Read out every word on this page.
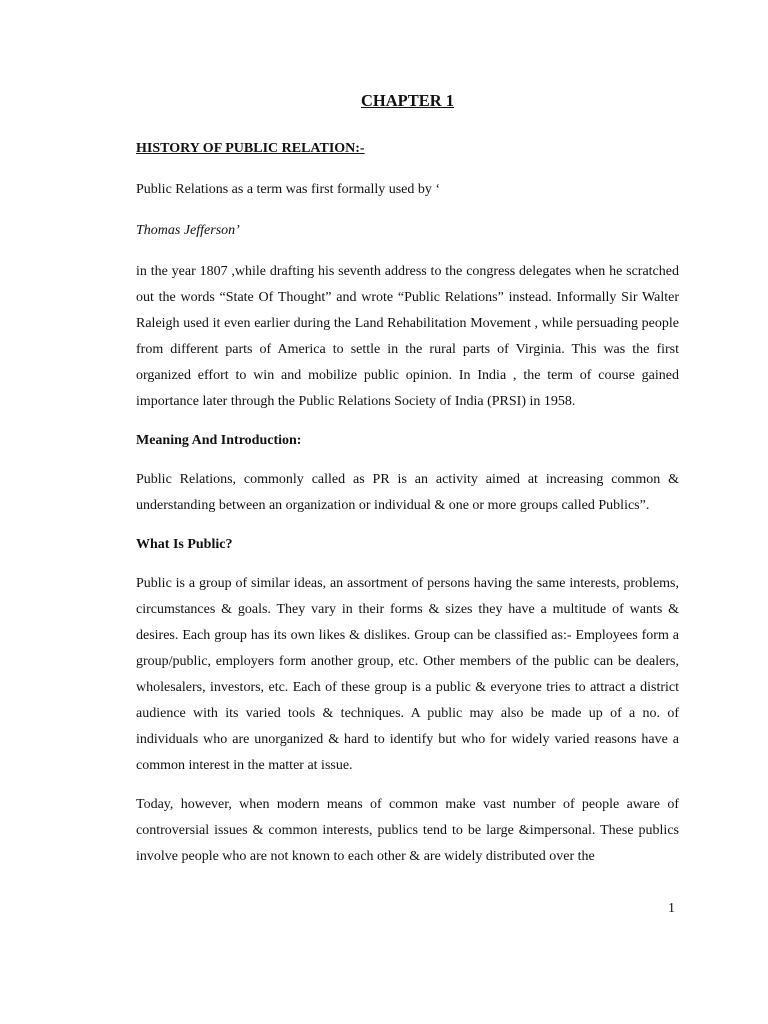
CHAPTER 1
HISTORY OF PUBLIC RELATION:-
Public Relations as a term was first formally used by ‘
Thomas Jefferson’

in the year 1807 ,while drafting his seventh address to the congress delegates when he scratched out the words “State Of Thought” and wrote “Public Relations” instead. Informally Sir Walter Raleigh used it even earlier during the Land Rehabilitation Movement , while persuading people from different parts of America to settle in the rural parts of Virginia. This was the first organized effort to win and mobilize public opinion. In India , the term of course gained importance later through the Public Relations Society of India (PRSI) in 1958.

Meaning And Introduction:

Public Relations, commonly called as PR is an activity aimed at increasing common & understanding between an organization or individual & one or more groups called Publics”.

What Is Public?

Public is a group of similar ideas, an assortment of persons having the same interests, problems, circumstances & goals. They vary in their forms & sizes they have a multitude of wants & desires. Each group has its own likes & dislikes. Group can be classified as:- Employees form a group/public, employers form another group, etc. Other members of the public can be dealers, wholesalers, investors, etc. Each of these group is a public & everyone tries to attract a district audience with its varied tools & techniques. A public may also be made up of a no. of individuals who are unorganized & hard to identify but who for widely varied reasons have a common interest in the matter at issue.

Today, however, when modern means of common make vast number of people aware of controversial issues & common interests, publics tend to be large &impersonal. These publics involve people who are not known to each other & are widely distributed over the

1
